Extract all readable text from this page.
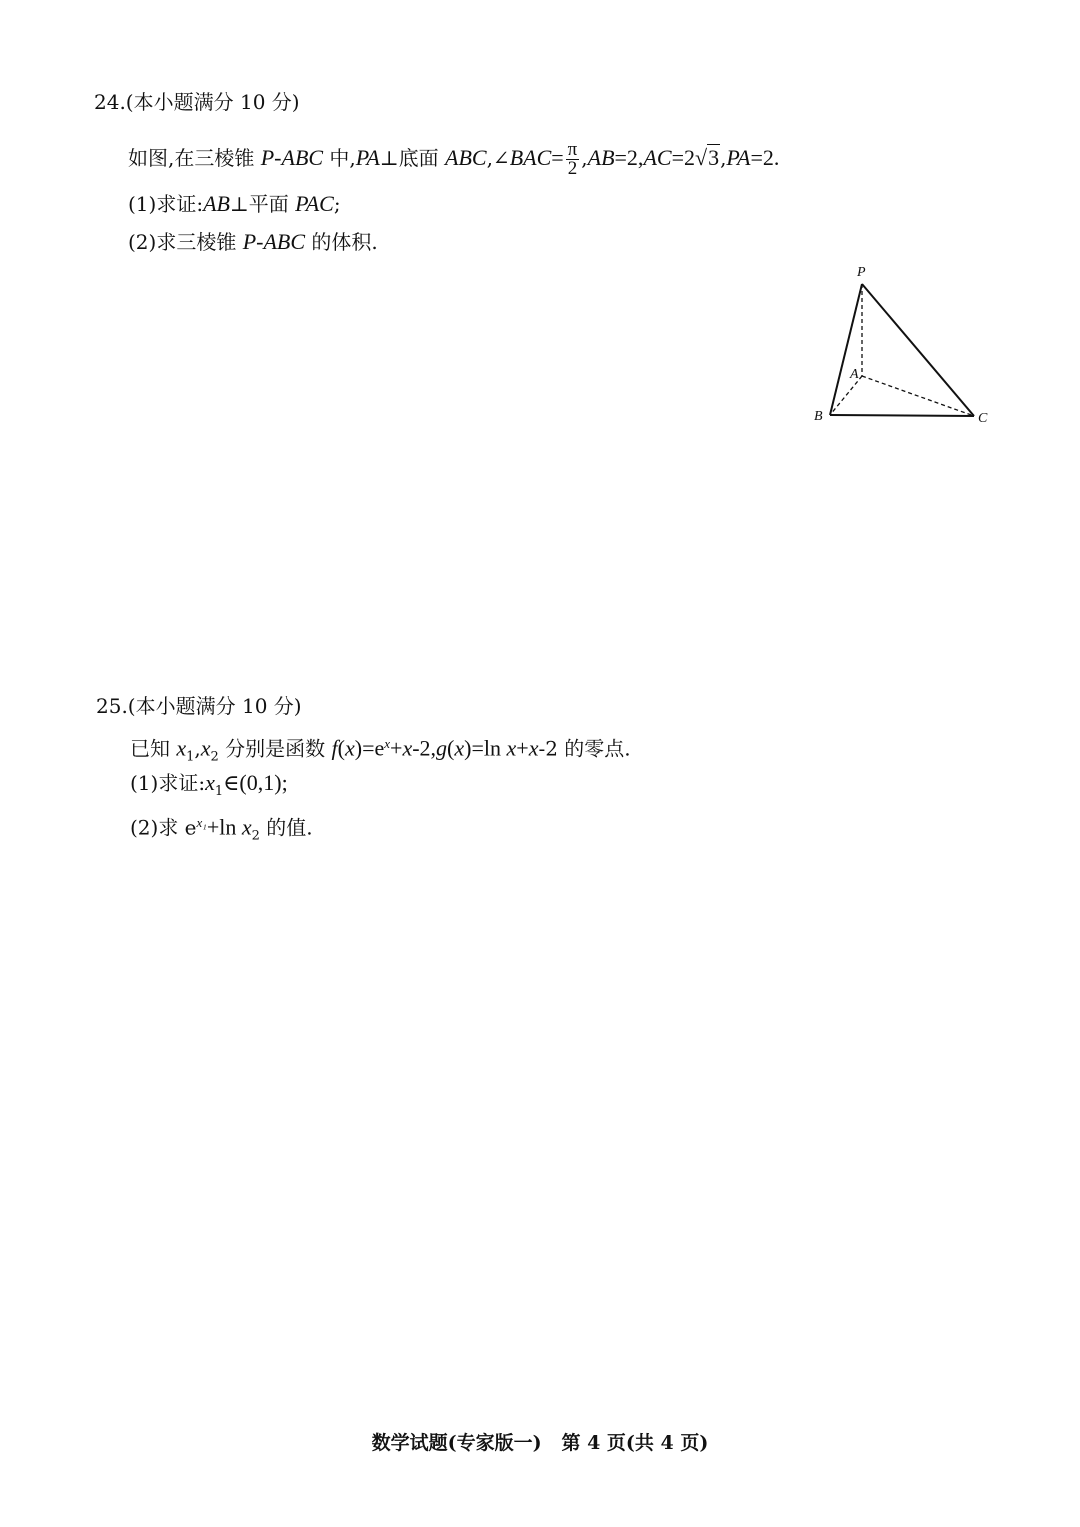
24.(本小题满分 10 分)
如图,在三棱锥 P-ABC 中,PA⊥底面 ABC,∠BAC= $\frac{\pi}{2} ,AB=2,AC=2√3,PA=2$.
(1)求证:AB⊥平面 PAC;
(2)求三棱锥 P-ABC 的体积.
P
A
B	C
25.(本小题满分 10 分)
已知 $x_1,x_2$ 分别是函数 $f(x)=e^x+x-2,g(x)=\ln$ x+x-2 的零点.
(1)求证$:x_1\in(0,1)$;
(2)求 $e^{x_1}+\ln$ $x_2$ 的值.
数学试题(专家版一)   第 4 页(共 4 页)
